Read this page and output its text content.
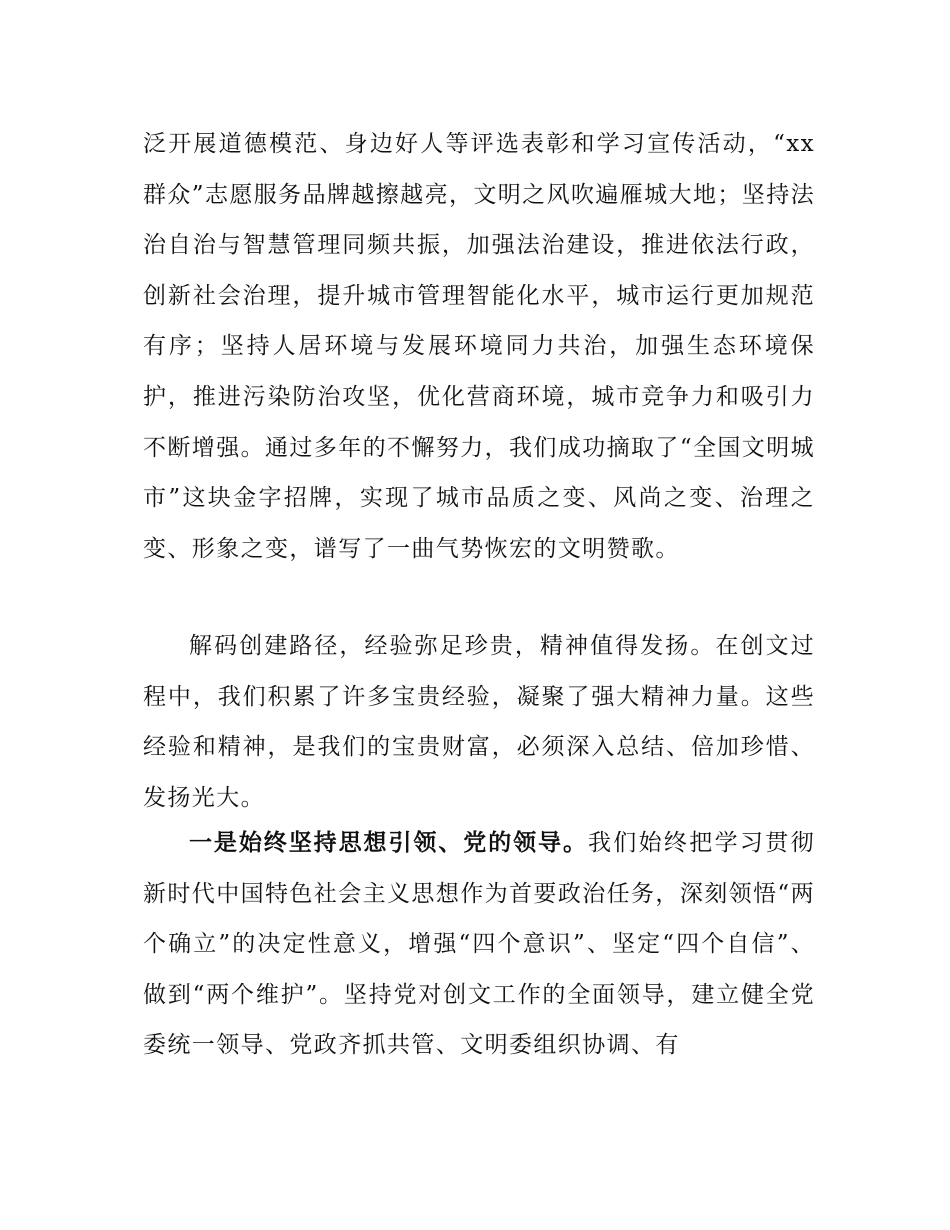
泛开展道德模范、身边好人等评选表彰和学习宣传活动，“xx群众”志愿服务品牌越擦越亮，文明之风吹遍雁城大地；坚持法治自治与智慧管理同频共振，加强法治建设，推进依法行政，创新社会治理，提升城市管理智能化水平，城市运行更加规范有序；坚持人居环境与发展环境同力共治，加强生态环境保护，推进污染防治攻坚，优化营商环境，城市竞争力和吸引力不断增强。通过多年的不懈努力，我们成功摘取了“全国文明城市”这块金字招牌，实现了城市品质之变、风尚之变、治理之变、形象之变，谱写了一曲气势恢宏的文明赞歌。

解码创建路径，经验弥足珍贵，精神值得发扬。在创文过程中，我们积累了许多宝贵经验，凝聚了强大精神力量。这些经验和精神，是我们的宝贵财富，必须深入总结、倍加珍惜、发扬光大。

一是始终坚持思想引领、党的领导。我们始终把学习贯彻新时代中国特色社会主义思想作为首要政治任务，深刻领悟“两个确立”的决定性意义，增强“四个意识”、坚定“四个自信”、做到“两个维护”。坚持党对创文工作的全面领导，建立健全党委统一领导、党政齐抓共管、文明委组织协调、有
